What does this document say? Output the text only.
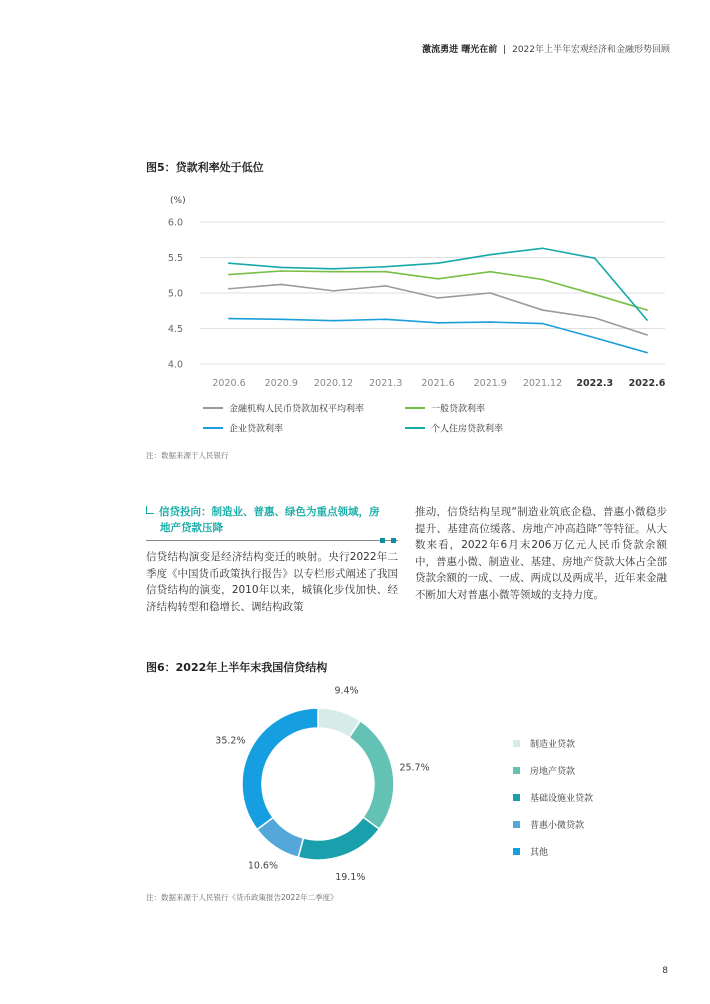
激流勇进 曙光在前 | 2022年上半年宏观经济和金融形势回顾
图5：贷款利率处于低位
(%)
6.0
5.5
5.0
4.5
4.0
2020.6 2020.9 2020.12 2021.3 2021.6 2021.9 2021.12 2022.3 2022.6
金融机构人民币贷款加权平均利率	一般贷款利率
企业贷款利率	个人住房贷款利率
注：数据来源于人民银行
信贷投向：制造业、普惠、绿色为重点领域，房
地产贷款压降
信贷结构演变是经济结构变迁的映射。央行2022年二季度《中国货币政策执行报告》以专栏形式阐述了我国信贷结构的演变，2010年以来，城镇化步伐加快、经济结构转型和稳增长、调结构政策
推动，信贷结构呈现“制造业筑底企稳、普惠小微稳步提升、基建高位缓落、房地产冲高趋降”等特征。从大数来看，2022年6月末206万亿元人民币贷款余额中，普惠小微、制造业、基建、房地产贷款大体占全部贷款余额的一成、一成、两成以及两成半，近年来金融不断加大对普惠小微等领域的支持力度。
图6：2022年上半年末我国信贷结构
9.4%
25.7%
19.1%
10.6%
35.2%	制造业贷款
房地产贷款
基础设施业贷款
普惠小微贷款
其他
注：数据来源于人民银行《货币政策报告2022年二季度》
8
